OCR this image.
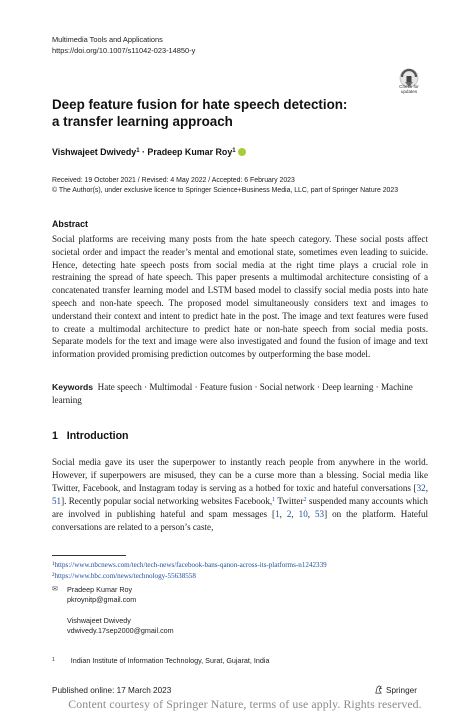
Multimedia Tools and Applications
https://doi.org/10.1007/s11042-023-14850-y
Check for
updates
Deep feature fusion for hate speech detection:
a transfer learning approach
Vishwajeet Dwivedy$^1$ · Pradeep Kumar Roy$^1$
Received: 19 October 2021 / Revised: 4 May 2022 / Accepted: 6 February 2023
© The Author(s), under exclusive licence to Springer Science+Business Media, LLC, part of Springer Nature 2023
Abstract
Social platforms are receiving many posts from the hate speech category. These social posts affect societal order and impact the reader’s mental and emotional state, sometimes even leading to suicide. Hence, detecting hate speech posts from social media at the right time plays a crucial role in restraining the spread of hate speech. This paper presents a multimodal architecture consisting of a concatenated transfer learning model and LSTM based model to classify social media posts into hate speech and non-hate speech. The proposed model simultaneously considers text and images to understand their context and intent to predict hate in the post. The image and text features were fused to create a multimodal architecture to predict hate or non-hate speech from social media posts. Separate models for the text and image were also investigated and found the fusion of image and text information provided promising prediction outcomes by outperforming the base model.
Keywords Hate speech · Multimodal · Feature fusion · Social network · Deep learning · Machine learning
1 Introduction
Social media gave its user the superpower to instantly reach people from anywhere in the world. However, if superpowers are misused, they can be a curse more than a blessing. Social media like Twitter, Facebook, and Instagram today is serving as a hotbed for toxic and hateful conversations [32, 51]. Recently popular social networking websites Facebook,$^1$ Twitter$^2$ suspended many accounts which are involved in publishing hateful and spam messages [1, 2, 10, 53] on the platform. Hateful conversations are related to a person’s caste,
$^1$https://www.nbcnews.com/tech/tech-news/facebook-bans-qanon-across-its-platforms-n1242339
$^2$https://www.bbc.com/news/technology-55638558
✉	Pradeep Kumar Roy
pkroynitp@gmail.com
Vishwajeet Dwivedy
vdwivedy.17sep2000@gmail.com
$^1$ Indian Institute of Information Technology, Surat, Gujarat, India
Published online: 17 March 2023	Springer
Content courtesy of Springer Nature, terms of use apply. Rights reserved.
